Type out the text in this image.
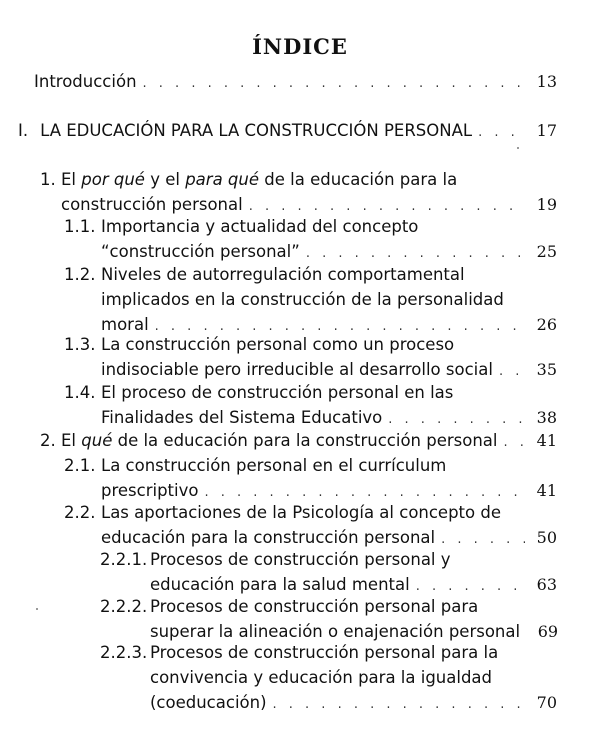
ÍNDICE
Introducción . . .	13
I. LA EDUCACIÓN PARA LA CONSTRUCCIÓN PERSONAL . . .	17
1. El por qué y el para qué de la educación para la
construcción personal . . .	19
1.1. Importancia y actualidad del concepto
“construcción personal” . . .	25
1.2. Niveles de autorregulación comportamental
implicados en la construcción de la personalidad
moral . . .	26
1.3. La construcción personal como un proceso
indisociable pero irreducible al desarrollo social . . .	35
1.4. El proceso de construcción personal en las
Finalidades del Sistema Educativo . . .	38
2. El qué de la educación para la construcción personal . . .	41
2.1. La construcción personal en el currículum
prescriptivo . . .	41
2.2. Las aportaciones de la Psicología al concepto de
educación para la construcción personal . . .	50
2.2.1. Procesos de construcción personal y
educación para la salud mental . . .	63
2.2.2. Procesos de construcción personal para
superar la alineación o enajenación personal	69
2.2.3. Procesos de construcción personal para la
convivencia y educación para la igualdad
(coeducación) . . .	70
